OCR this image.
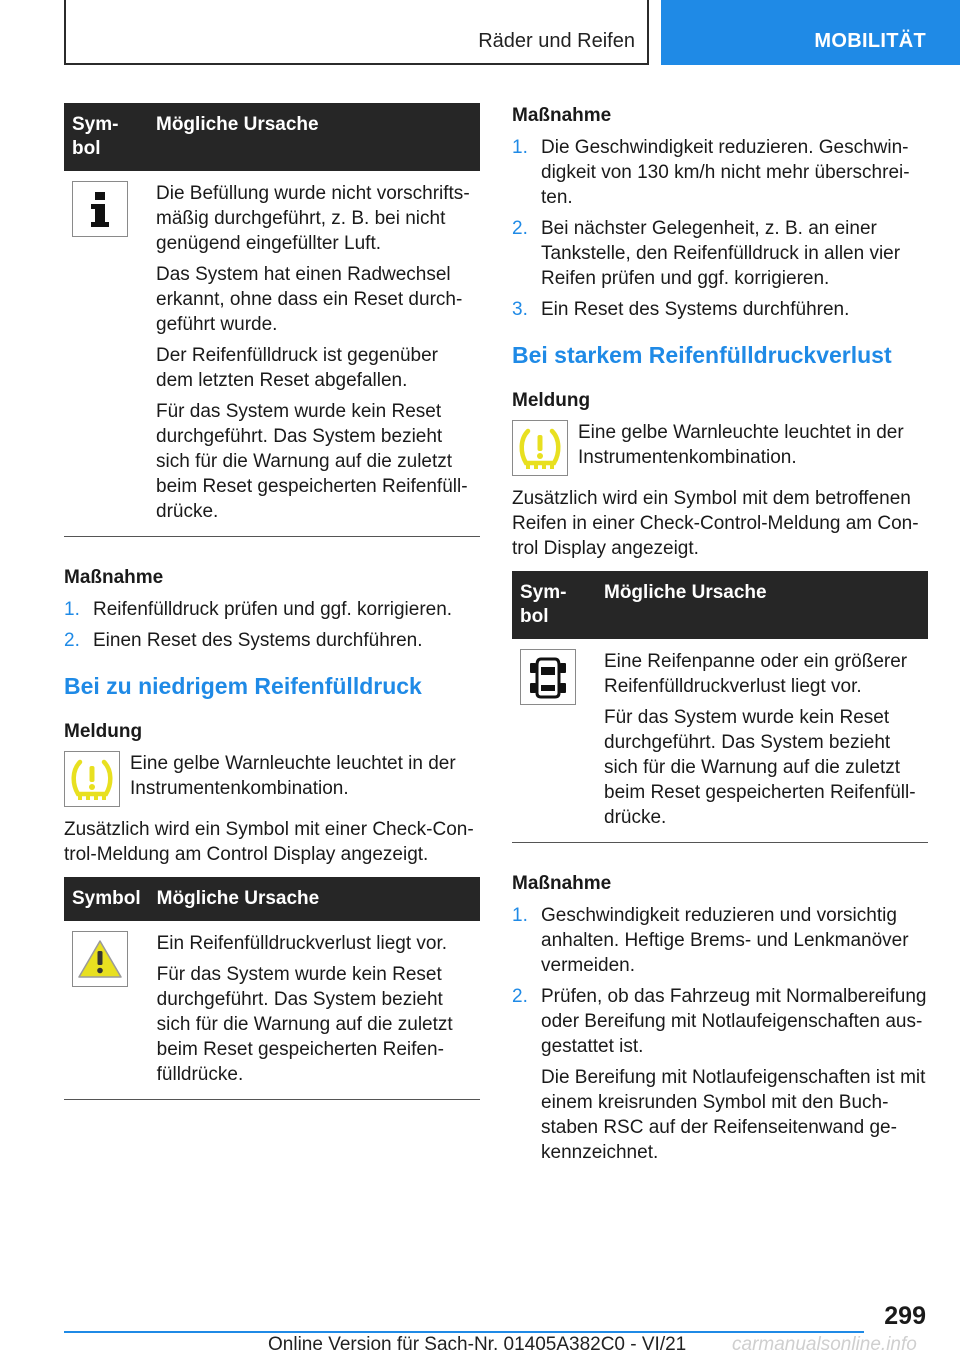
Räder und Reifen	MOBILITÄT
Sym‑ bol	Mögliche Ursache

Die Befüllung wurde nicht vorschriftsmäßig durchgeführt, z. B. bei nicht genügend eingefüllter Luft.

Das System hat einen Radwechsel erkannt, ohne dass ein Reset durchgeführt wurde.

Der Reifenfülldruck ist gegenüber dem letzten Reset abgefallen.

Für das System wurde kein Reset durchgeführt. Das System bezieht sich für die Warnung auf die zuletzt beim Reset gespeicherten Reifenfülldrücke.

Maßnahme
1. Reifenfülldruck prüfen und ggf. korrigieren.
2. Einen Reset des Systems durchführen.
Bei zu niedrigem Reifenfülldruck
Meldung

Eine gelbe Warnleuchte leuchtet in der Instrumentenkombination.

Zusätzlich wird ein Symbol mit einer Check-Control-Meldung am Control Display angezeigt.

Symbol	Mögliche Ursache

Ein Reifenfülldruckverlust liegt vor.

Für das System wurde kein Reset durchgeführt. Das System bezieht sich für die Warnung auf die zuletzt beim Reset gespeicherten Reifenfülldrücke.

Maßnahme
1. Die Geschwindigkeit reduzieren. Geschwindigkeit von 130 km/h nicht mehr überschreiten.
2. Bei nächster Gelegenheit, z. B. an einer Tankstelle, den Reifenfülldruck in allen vier Reifen prüfen und ggf. korrigieren.
3. Ein Reset des Systems durchführen.
Bei starkem Reifenfülldruckverlust
Meldung

Eine gelbe Warnleuchte leuchtet in der Instrumentenkombination.

Zusätzlich wird ein Symbol mit dem betroffenen Reifen in einer Check-Control-Meldung am Control Display angezeigt.

Sym‑ bol	Mögliche Ursache

Eine Reifenpanne oder ein größerer Reifenfülldruckverlust liegt vor.

Für das System wurde kein Reset durchgeführt. Das System bezieht sich für die Warnung auf die zuletzt beim Reset gespeicherten Reifenfülldrücke.

Maßnahme
1. Geschwindigkeit reduzieren und vorsichtig anhalten. Heftige Brems- und Lenkmanöver vermeiden.
2. Prüfen, ob das Fahrzeug mit Normalbereifung oder Bereifung mit Notlaufeigenschaften ausgestattet ist.

Die Bereifung mit Notlaufeigenschaften ist mit einem kreisrunden Symbol mit den Buchstaben RSC auf der Reifenseitenwand gekennzeichnet.

299
Online Version für Sach-Nr. 01405A382C0 - VI/21 carmanualsonline.info
